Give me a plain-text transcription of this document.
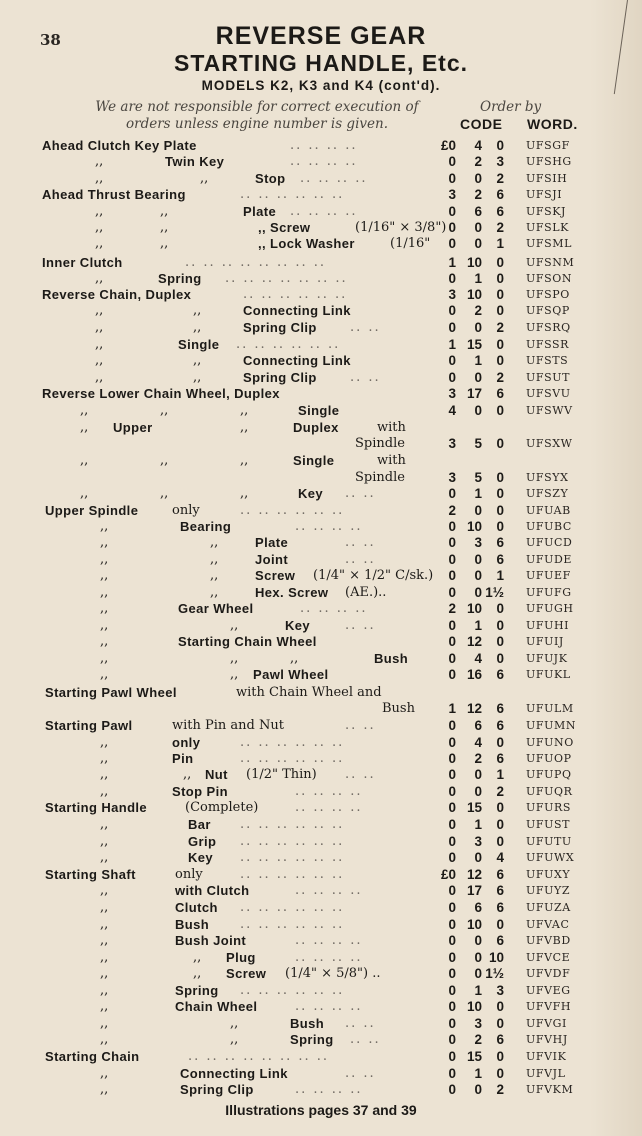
38	REVERSE GEAR
STARTING HANDLE, Etc.
MODELS K2, K3 and K4 (cont'd).
We are not responsible for correct execution of orders unless engine number is given.
Order by
CODE WORD.
Ahead Clutch Key Plate	.. .. .. ..	£0	4	0 UFSGF
,,	Twin Key	.. .. .. ..	0	2	3 UFSHG
,,	,,	Stop .. .. .. ..	0	0	2 UFSIH
Ahead Thrust Bearing	.. .. .. .. .. ..	3	2	6 UFSJI
,,	,,	Plate .. .. .. ..	0	6	6 UFSKJ
,,	,,	,, Screw	(1/16" × 3/8") 0	0	2 UFSLK
,,	,,	,, Lock Washer	(1/16"	0	0	1 UFSML
Inner Clutch	.. .. .. .. .. .. .. ..	1 10	0 UFSNM
,,	Spring .. .. .. .. .. .. ..	0	1	0 UFSON
Reverse Chain, Duplex	.. .. .. .. .. ..	3 10	0 UFSPO
,,	,,	Connecting Link	0	2	0 UFSQP
,,	,,	Spring Clip	.. ..	0	0	2 UFSRQ
,,	Single .. .. .. .. .. ..	1 15	0 UFSSR
,,	,,	Connecting Link	0	1	0 UFSTS
,,	,,	Spring Clip	.. ..	0	0	2 UFSUT
Reverse Lower Chain Wheel, Duplex	3 17	6 UFSVU
,,	,,	,,	Single	4	0	0 UFSWV
,, Upper	,,	Duplex	with
Spindle	3	5	0 UFSXW
,,	,,	,,	Single	with
Spindle	3	5	0 UFSYX
,,	,,	,,	Key .. ..	0	1	0 UFSZY
Upper Spindle	only	.. .. .. .. .. ..	2	0	0 UFUAB
,,	Bearing	.. .. .. ..	0 10	0 UFUBC
,,	,,	Plate	.. ..	0	3	6 UFUCD
,,	,,	Joint	.. ..	0	0	6 UFUDE
,,	,,	Screw (1/4" × 1/2" C/sk.)	0	0	1 UFUEF
,,	,,	Hex. Screw (AE.)..	0	0 1½ UFUFG
,,	Gear Wheel	.. .. .. ..	2 10	0 UFUGH
,,	,,	Key	.. ..	0	1	0 UFUHI
,,	Starting Chain Wheel	0 12	0 UFUIJ
,,	,,	,,	Bush	0	4	0 UFUJK
,,	,, Pawl Wheel	0 16	6 UFUKL
Starting Pawl Wheel	with Chain Wheel and
Bush	1 12	6 UFULM
Starting Pawl	with Pin and Nut	.. ..	0	6	6 UFUMN
,,	only	.. .. .. .. .. ..	0	4	0 UFUNO
,,	Pin	.. .. .. .. .. ..	0	2	6 UFUOP
,,	,, Nut (1/2" Thin) .. ..	0	0	1 UFUPQ
,,	Stop Pin	.. .. .. ..	0	0	2 UFUQR
Starting Handle	(Complete)	.. .. .. ..	0 15	0 UFURS
,,	Bar .. .. .. .. .. ..	0	1	0 UFUST
,,	Grip .. .. .. .. .. ..	0	3	0 UFUTU
,,	Key .. .. .. .. .. ..	0	0	4 UFUWX
Starting Shaft	only	.. .. .. .. .. ..	£0 12	6 UFUXY
,,	with Clutch	.. .. .. ..	0 17	6 UFUYZ
,,	Clutch .. .. .. .. .. ..	0	6	6 UFUZA
,,	Bush .. .. .. .. .. ..	0 10	0 UFVAC
,,	Bush Joint	.. .. .. ..	0	0	6 UFVBD
,,	,, Plug	.. .. .. ..	0	0 10 UFVCE
,,	,, Screw (1/4" × 5/8") ..	0	0 1½ UFVDF
,,	Spring .. .. .. .. .. ..	0	1	3 UFVEG
,,	Chain Wheel	.. .. .. ..	0 10	0 UFVFH
,,	,,	Bush .. ..	0	3	0 UFVGI
,,	,,	Spring .. ..	0	2	6 UFVHJ
Starting Chain	.. .. .. .. .. .. .. ..	0 15	0 UFVIK
,,	Connecting Link	.. ..	0	1	0 UFVJL
,,	Spring Clip	.. .. .. ..	0	0	2 UFVKM
Illustrations pages 37 and 39
